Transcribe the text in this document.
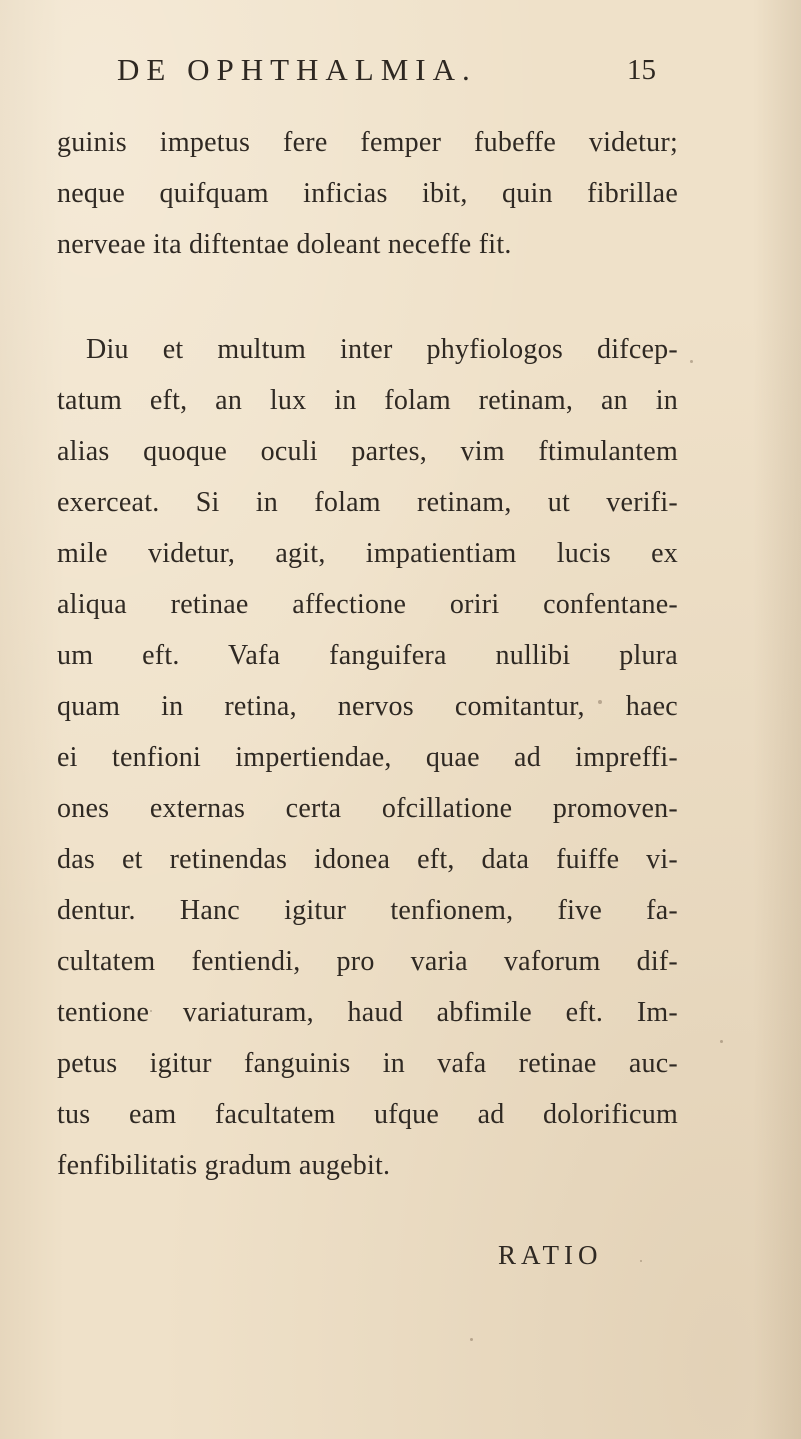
DE OPHTHALMIA.	15
guinis impetus fere femper fubeffe videtur;
neque quifquam inficias ibit, quin fibrillae
nerveae ita diftentae doleant neceffe fit.
Diu et multum inter phyfiologos difcep-
tatum eft, an lux in folam retinam, an in
alias quoque oculi partes, vim ftimulantem
exerceat. Si in folam retinam, ut verifi-
mile videtur, agit, impatientiam lucis ex
aliqua retinae affectione oriri confentane-
um eft. Vafa fanguifera nullibi plura
quam in retina, nervos comitantur, haec
ei tenfioni impertiendae, quae ad impreffi-
ones externas certa ofcillatione promoven-
das et retinendas idonea eft, data fuiffe vi-
dentur. Hanc igitur tenfionem, five fa-
cultatem fentiendi, pro varia vaforum dif-
tentione variaturam, haud abfimile eft. Im-
petus igitur fanguinis in vafa retinae auc-
tus eam facultatem ufque ad dolorificum
fenfibilitatis gradum augebit.
RATIO
